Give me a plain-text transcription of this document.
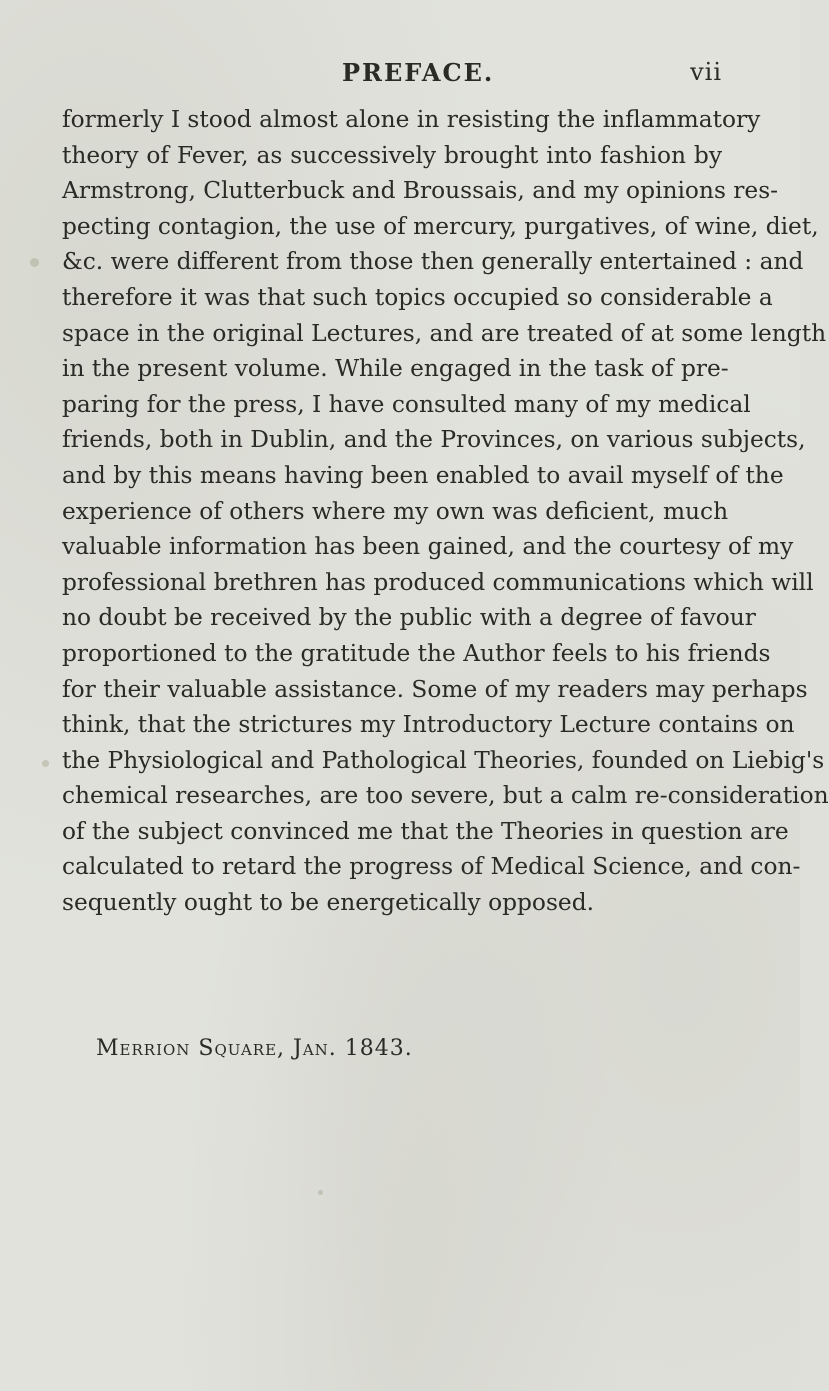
PREFACE.	vii
formerly I stood almost alone in resisting the inflammatory
theory of Fever, as successively brought into fashion by
Armstrong, Clutterbuck and Broussais, and my opinions res-
pecting contagion, the use of mercury, purgatives, of wine, diet,
&c. were different from those then generally entertained : and
therefore it was that such topics occupied so considerable a
space in the original Lectures, and are treated of at some length
in the present volume. While engaged in the task of pre-
paring for the press, I have consulted many of my medical
friends, both in Dublin, and the Provinces, on various subjects,
and by this means having been enabled to avail myself of the
experience of others where my own was deficient, much
valuable information has been gained, and the courtesy of my
professional brethren has produced communications which will
no doubt be received by the public with a degree of favour
proportioned to the gratitude the Author feels to his friends
for their valuable assistance. Some of my readers may perhaps
think, that the strictures my Introductory Lecture contains on
the Physiological and Pathological Theories, founded on Liebig's
chemical researches, are too severe, but a calm re-consideration
of the subject convinced me that the Theories in question are
calculated to retard the progress of Medical Science, and con-
sequently ought to be energetically opposed.
Merrion Square, Jan. 1843.
